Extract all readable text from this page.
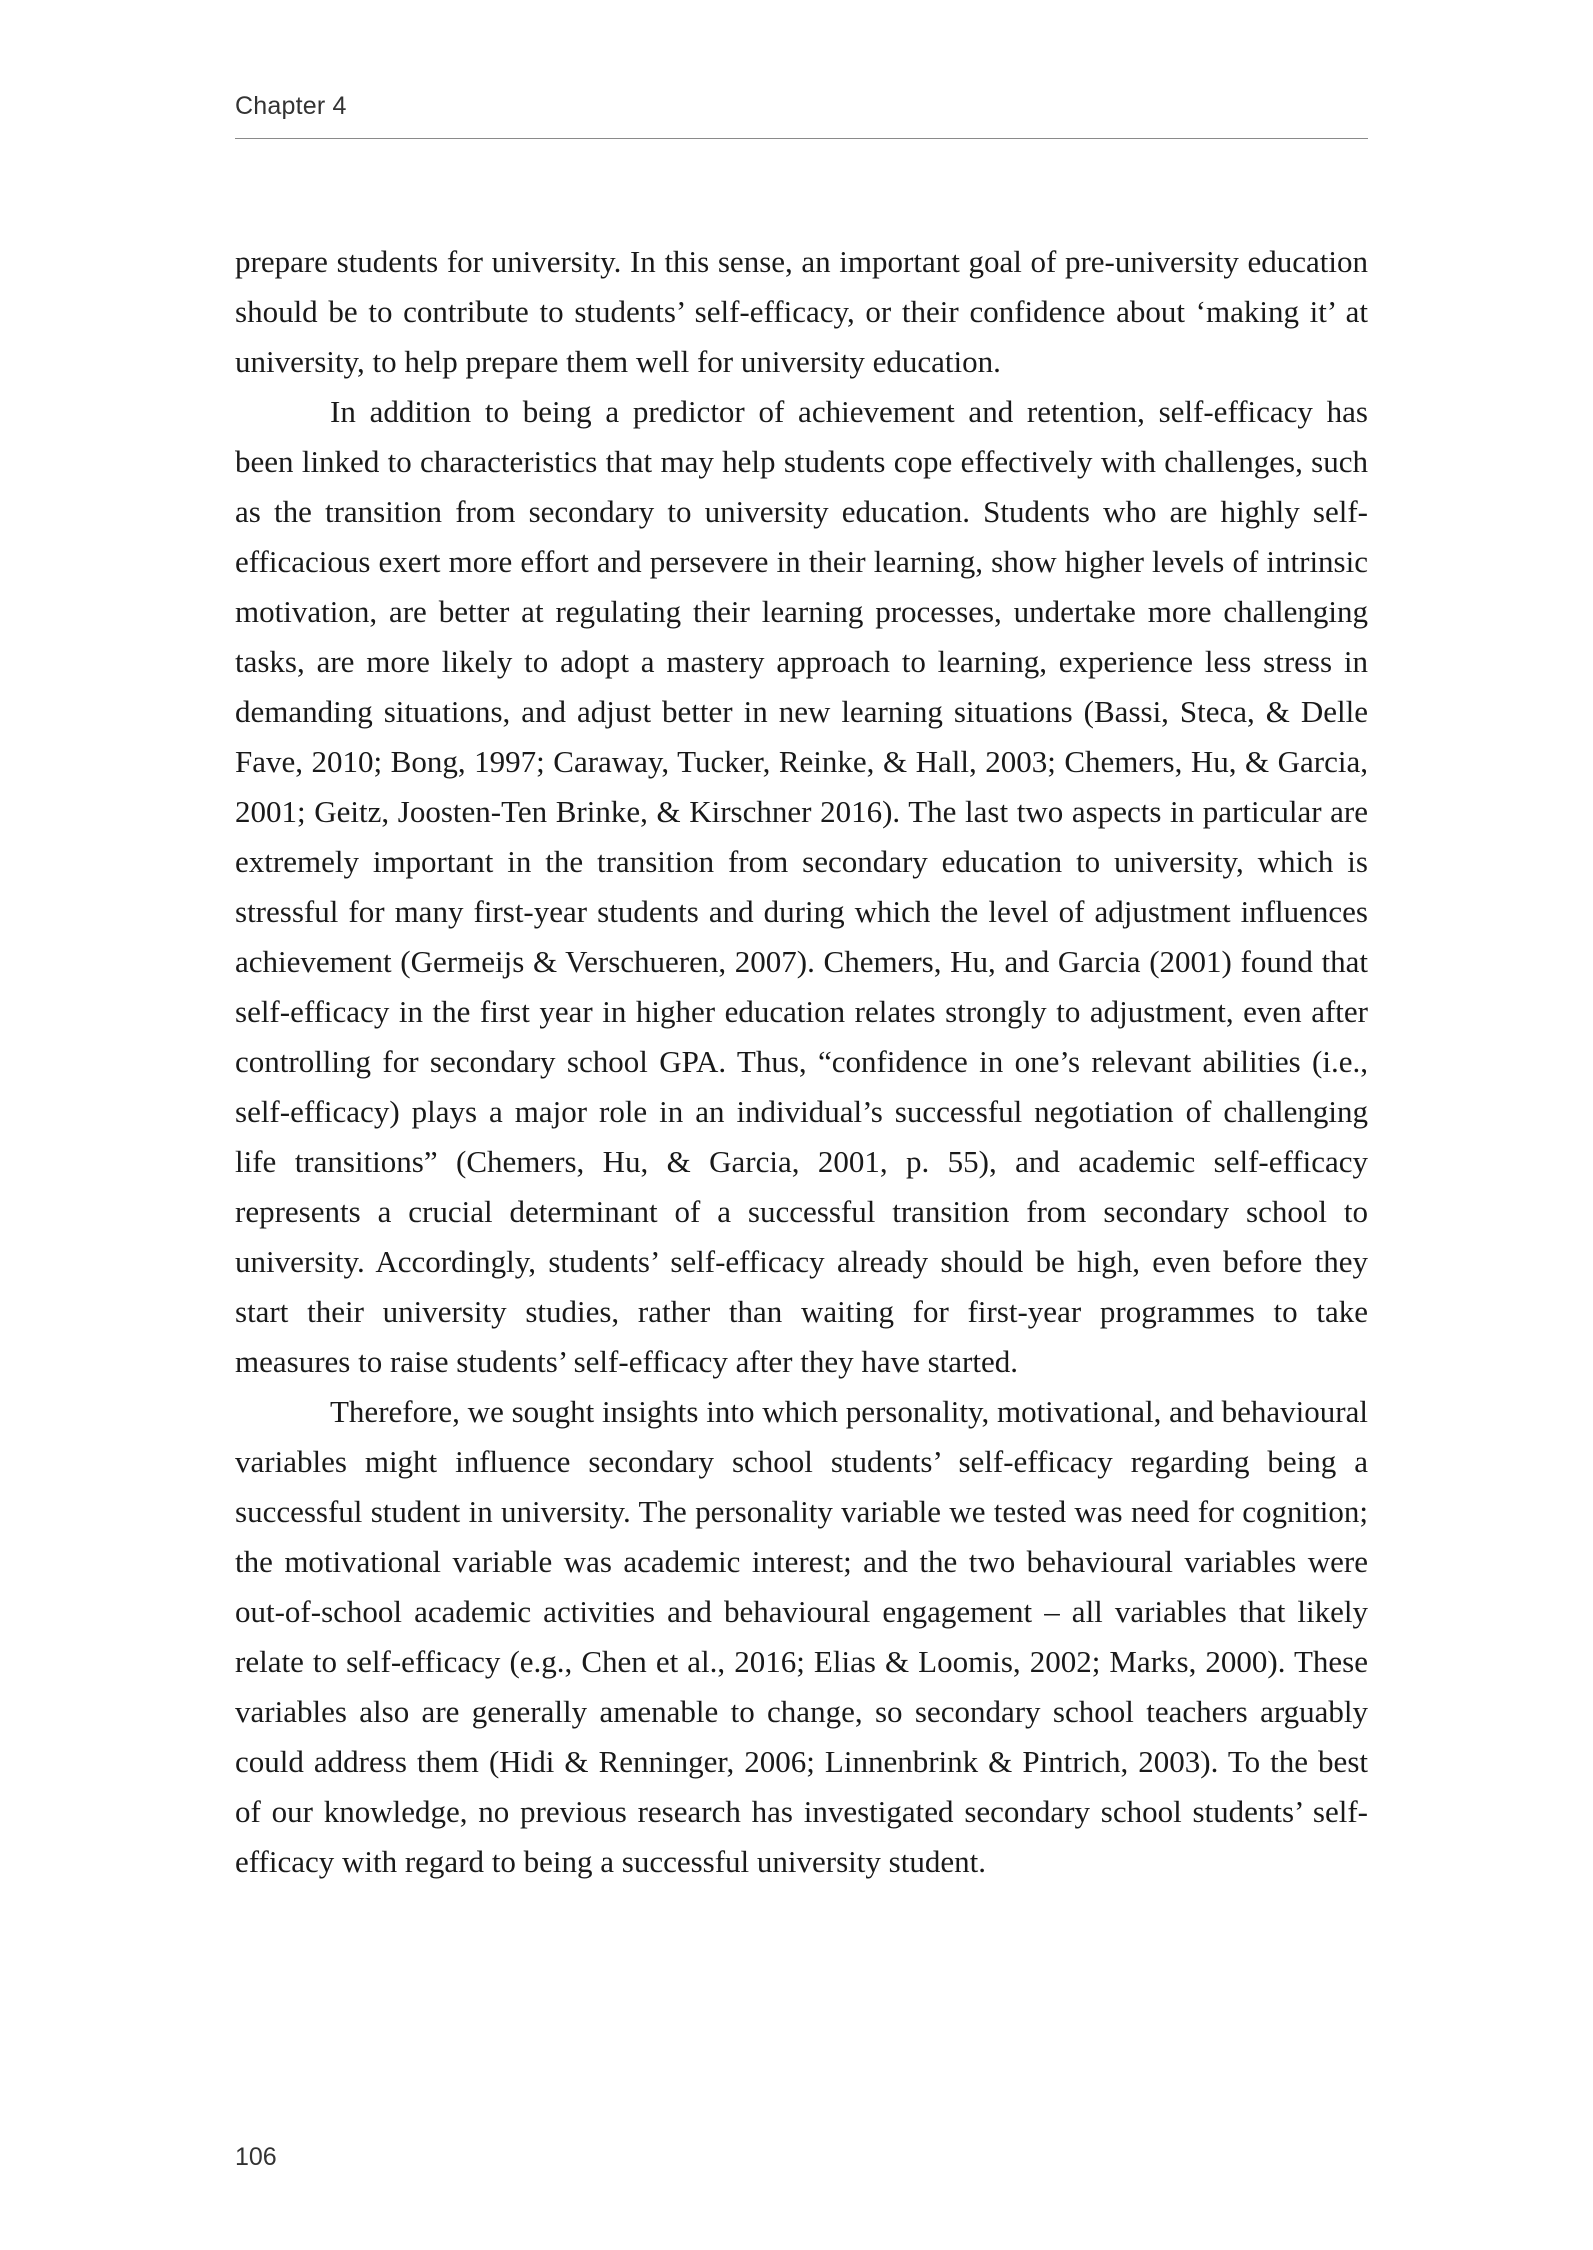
Chapter 4

prepare students for university. In this sense, an important goal of pre-university education should be to contribute to students’ self-efficacy, or their confidence about ‘making it’ at university, to help prepare them well for university education.

In addition to being a predictor of achievement and retention, self-efficacy has been linked to characteristics that may help students cope effectively with challenges, such as the transition from secondary to university education. Students who are highly self-efficacious exert more effort and persevere in their learning, show higher levels of intrinsic motivation, are better at regulating their learning processes, undertake more challenging tasks, are more likely to adopt a mastery approach to learning, experience less stress in demanding situations, and adjust better in new learning situations (Bassi, Steca, & Delle Fave, 2010; Bong, 1997; Caraway, Tucker, Reinke, & Hall, 2003; Chemers, Hu, & Garcia, 2001; Geitz, Joosten-Ten Brinke, & Kirschner 2016). The last two aspects in particular are extremely important in the transition from secondary education to university, which is stressful for many first-year students and during which the level of adjustment influences achievement (Germeijs & Verschueren, 2007). Chemers, Hu, and Garcia (2001) found that self-efficacy in the first year in higher education relates strongly to adjustment, even after controlling for secondary school GPA. Thus, “confidence in one’s relevant abilities (i.e., self-efficacy) plays a major role in an individual’s successful negotiation of challenging life transitions” (Chemers, Hu, & Garcia, 2001, p. 55), and academic self-efficacy represents a crucial determinant of a successful transition from secondary school to university. Accordingly, students’ self-efficacy already should be high, even before they start their university studies, rather than waiting for first-year programmes to take measures to raise students’ self-efficacy after they have started.

Therefore, we sought insights into which personality, motivational, and behavioural variables might influence secondary school students’ self-efficacy regarding being a successful student in university. The personality variable we tested was need for cognition; the motivational variable was academic interest; and the two behavioural variables were out-of-school academic activities and behavioural engagement – all variables that likely relate to self-efficacy (e.g., Chen et al., 2016; Elias & Loomis, 2002; Marks, 2000). These variables also are generally amenable to change, so secondary school teachers arguably could address them (Hidi & Renninger, 2006; Linnenbrink & Pintrich, 2003). To the best of our knowledge, no previous research has investigated secondary school students’ self-efficacy with regard to being a successful university student.

106
